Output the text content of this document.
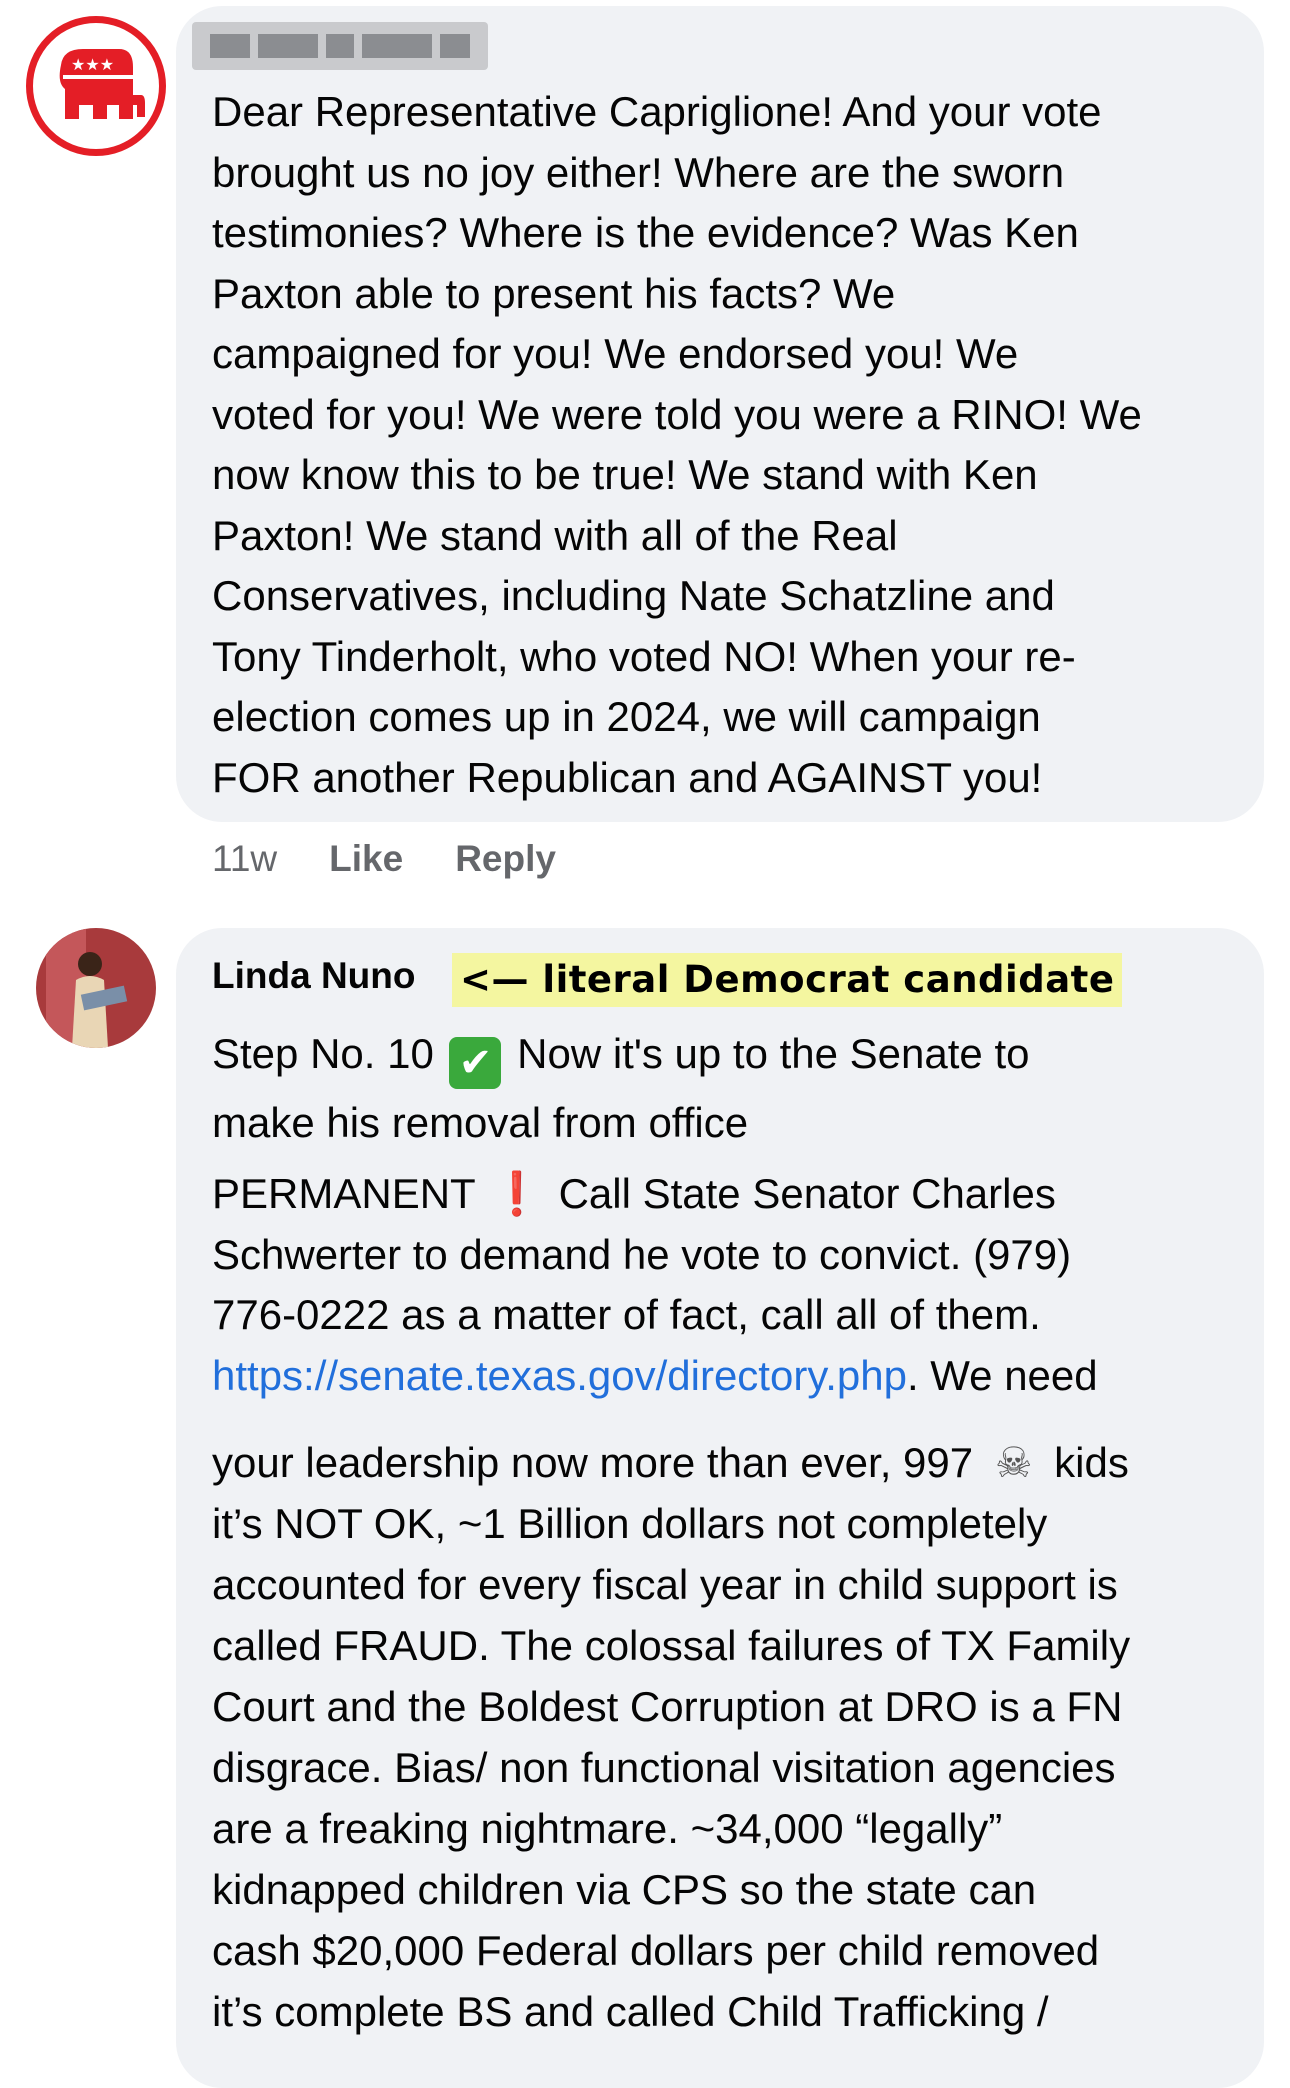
★★★
Dear Representative Capriglione! And your vote
brought us no joy either! Where are the sworn
testimonies? Where is the evidence? Was Ken
Paxton able to present his facts? We
campaigned for you! We endorsed you! We
voted for you! We were told you were a RINO! We
now know this to be true! We stand with Ken
Paxton! We stand with all of the Real
Conservatives, including Nate Schatzline and
Tony Tinderholt, who voted NO! When your re-
election comes up in 2024, we will campaign
FOR another Republican and AGAINST you!
11w Like Reply
Linda Nuno <— literal Democrat candidate
Step No. 10 ✔ Now it's up to the Senate to
make his removal from office
PERMANENT ❗ Call State Senator Charles
Schwerter to demand he vote to convict. (979)
776-0222 as a matter of fact, call all of them.
https://senate.texas.gov/directory.php. We need
your leadership now more than ever, 997 ☠ kids
it’s NOT OK, ~1 Billion dollars not completely
accounted for every fiscal year in child support is
called FRAUD. The colossal failures of TX Family
Court and the Boldest Corruption at DRO is a FN
disgrace. Bias/ non functional visitation agencies
are a freaking nightmare. ~34,000 “legally”
kidnapped children via CPS so the state can
cash $20,000 Federal dollars per child removed
it’s complete BS and called Child Trafficking /
